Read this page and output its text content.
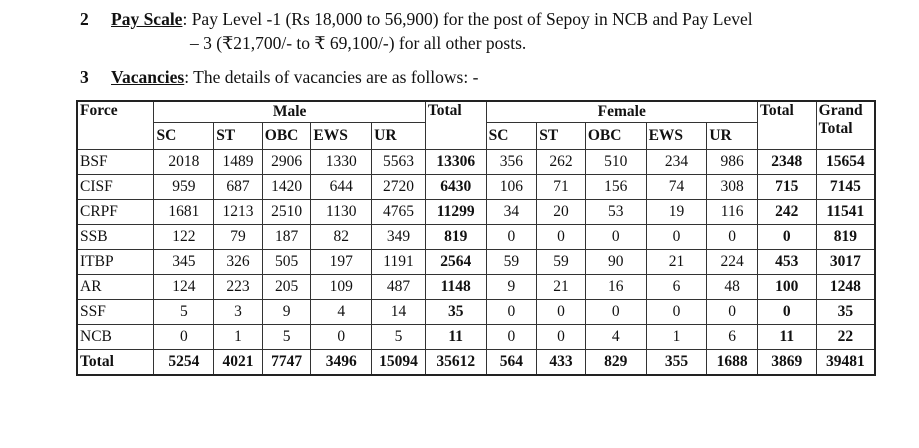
2 Pay Scale: Pay Level -1 (Rs 18,000 to 56,900) for the post of Sepoy in NCB and Pay Level
– 3 (₹21,700/- to ₹ 69,100/-) for all other posts.
3 Vacancies: The details of vacancies are as follows: -
Force	Male					Total	Female					Total	Grand Total
	SC	ST	OBC	EWS	UR		SC	ST	OBC	EWS	UR		
BSF	2018	1489	2906	1330	5563	13306	356	262	510	234	986	2348	15654
CISF	959	687	1420	644	2720	6430	106	71	156	74	308	715	7145
CRPF	1681	1213	2510	1130	4765	11299	34	20	53	19	116	242	11541
SSB	122	79	187	82	349	819	0	0	0	0	0	0	819
ITBP	345	326	505	197	1191	2564	59	59	90	21	224	453	3017
AR	124	223	205	109	487	1148	9	21	16	6	48	100	1248
SSF	5	3	9	4	14	35	0	0	0	0	0	0	35
NCB	0	1	5	0	5	11	0	0	4	1	6	11	22
Total	5254	4021	7747	3496	15094	35612	564	433	829	355	1688	3869	39481
